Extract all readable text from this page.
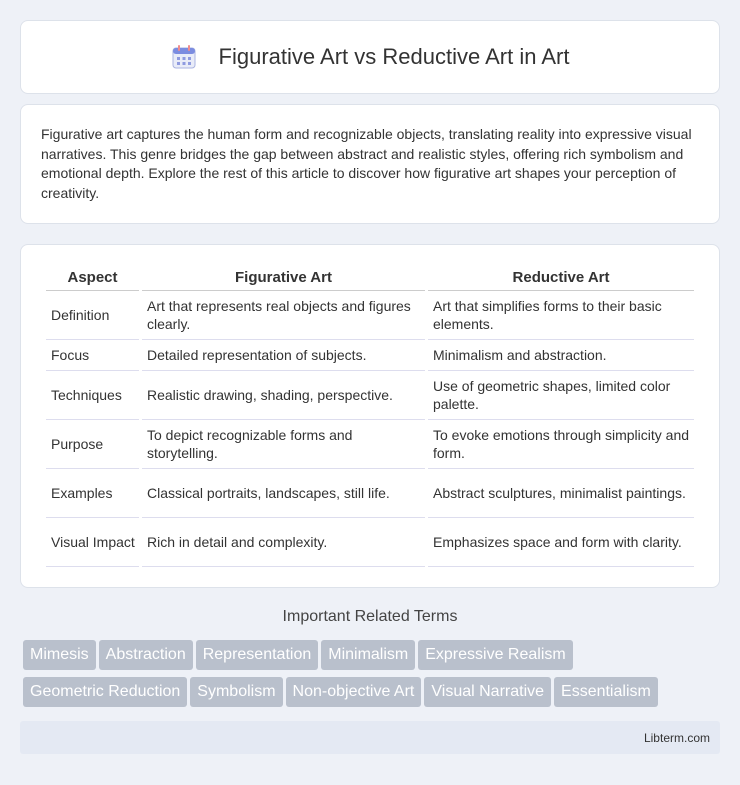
Figurative Art vs Reductive Art in Art

Figurative art captures the human form and recognizable objects, translating reality into expressive visual narratives. This genre bridges the gap between abstract and realistic styles, offering rich symbolism and emotional depth. Explore the rest of this article to discover how figurative art shapes your perception of creativity.

Aspect	Figurative Art	Reductive Art
Definition	Art that represents real objects and figures clearly.	Art that simplifies forms to their basic elements.
Focus	Detailed representation of subjects.	Minimalism and abstraction.
Techniques	Realistic drawing, shading, perspective.	Use of geometric shapes, limited color palette.
Purpose	To depict recognizable forms and storytelling.	To evoke emotions through simplicity and form.
Examples	Classical portraits, landscapes, still life.	Abstract sculptures, minimalist paintings.
Visual Impact	Rich in detail and complexity.	Emphasizes space and form with clarity.
Important Related Terms
Mimesis Abstraction Representation Minimalism Expressive Realism
Geometric Reduction Symbolism Non-objective Art Visual Narrative Essentialism
Libterm.com
